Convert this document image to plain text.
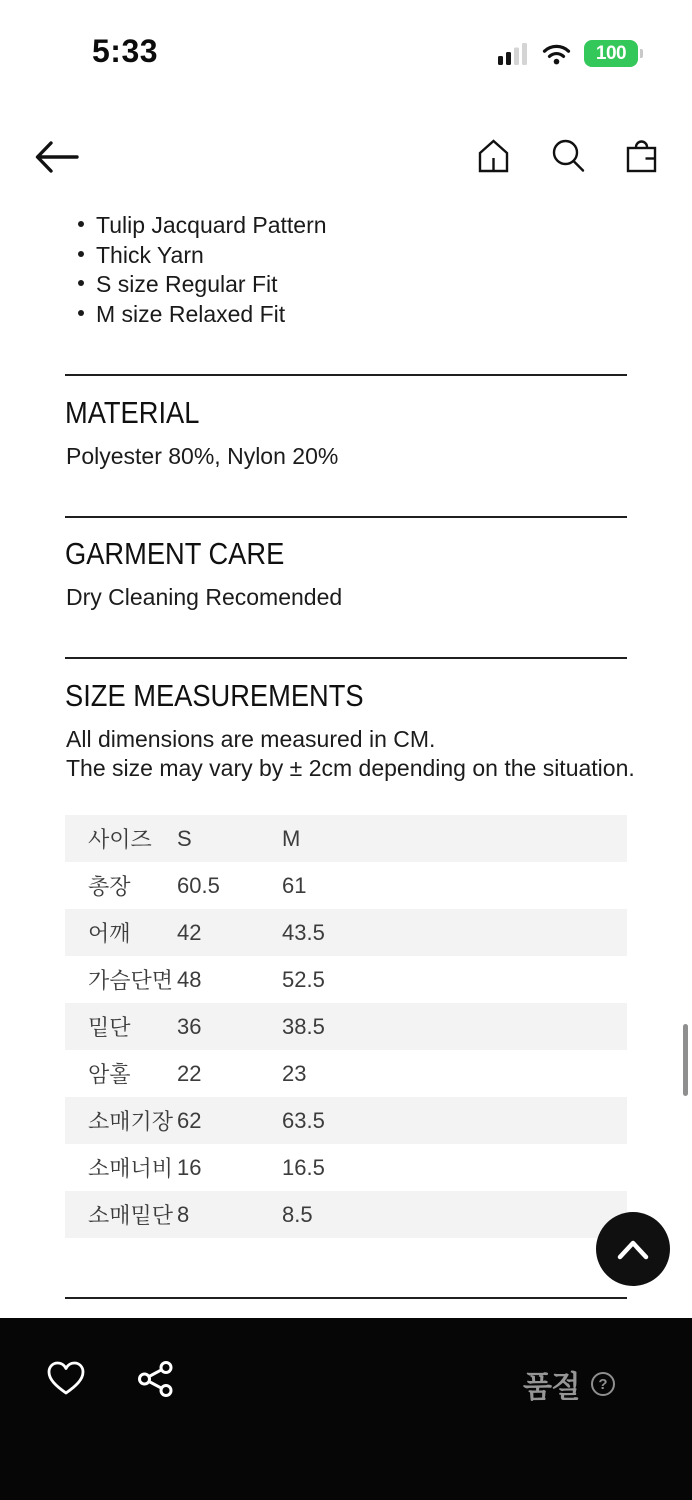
5:33	100
Tulip Jacquard Pattern
Thick Yarn
S size Regular Fit
M size Relaxed Fit
MATERIAL
Polyester 80%, Nylon 20%
GARMENT CARE
Dry Cleaning Recomended
SIZE MEASUREMENTS
All dimensions are measured in CM.
The size may vary by ± 2cm depending on the situation.
사이즈	S	M
총장	60.5	61
어깨	42	43.5
가슴단면 48	52.5
밑단	36	38.5
암홀	22	23
소매기장 62	63.5
소매너비 16	16.5
소매밑단 8	8.5
품절 ?
